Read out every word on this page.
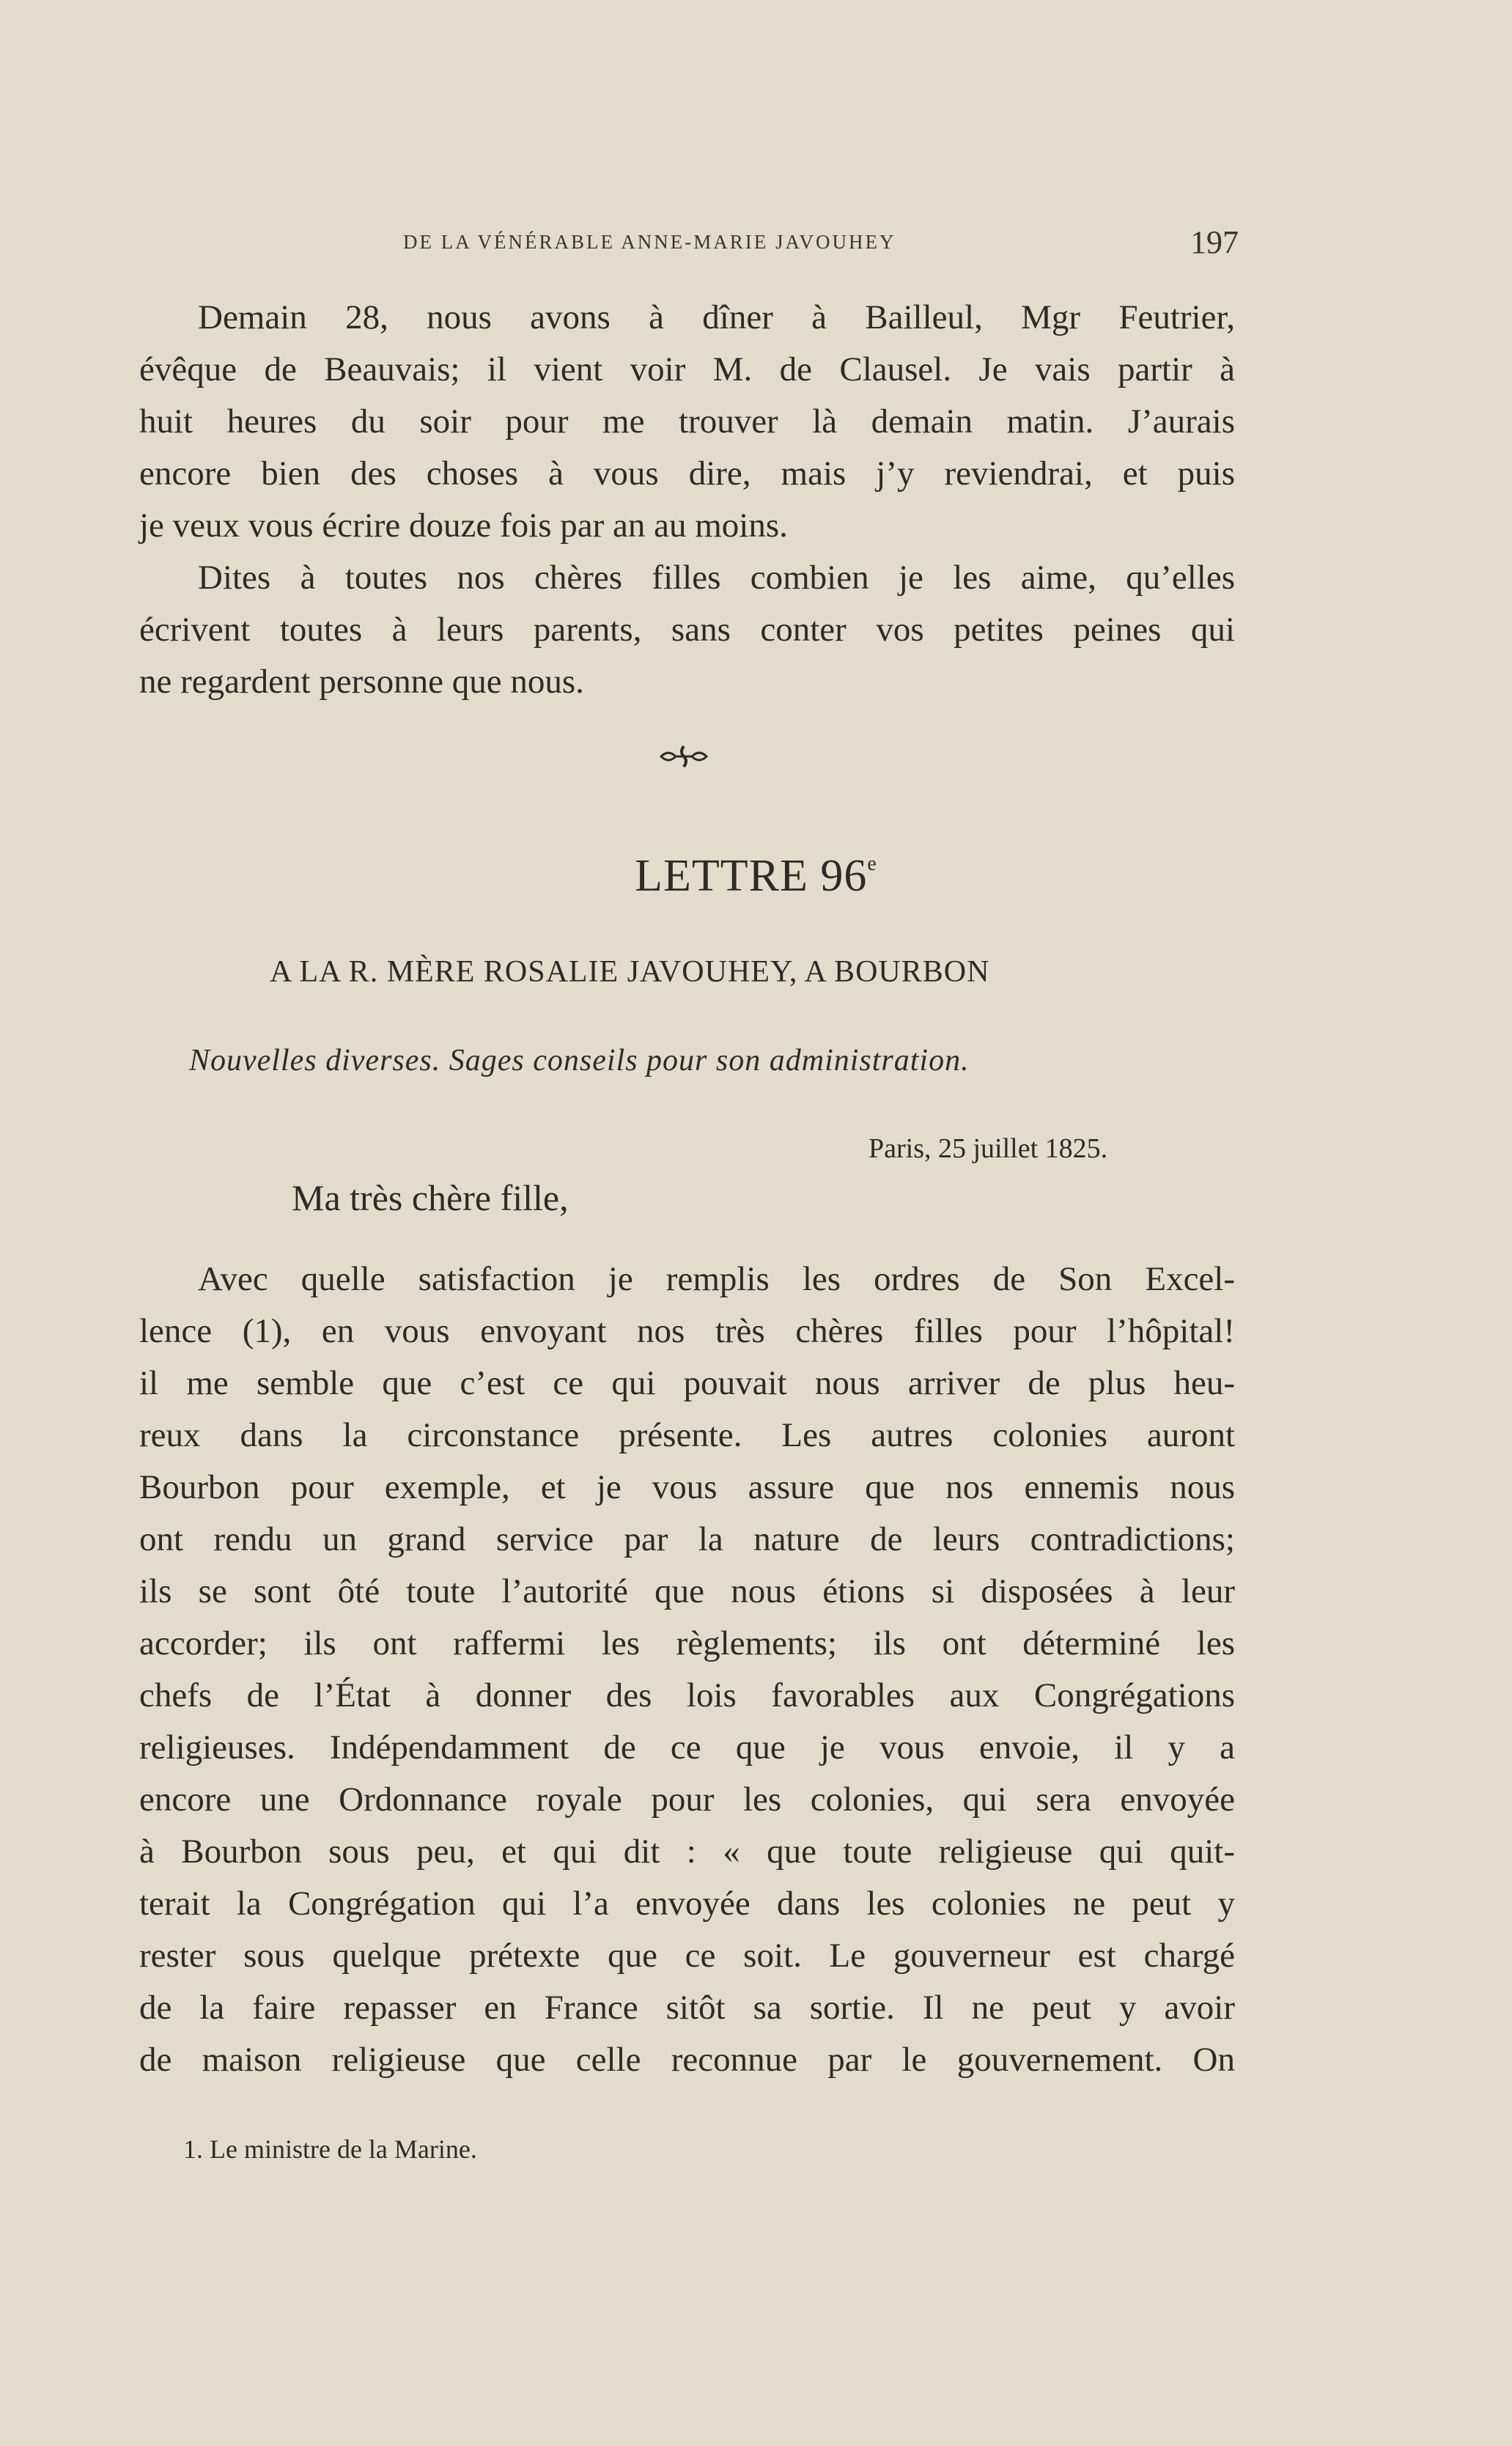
DE LA VÉNÉRABLE ANNE-MARIE JAVOUHEY	197
Demain 28, nous avons à dîner à Bailleul, Mgr Feutrier,
évêque de Beauvais; il vient voir M. de Clausel. Je vais partir à
huit heures du soir pour me trouver là demain matin. J’aurais
encore bien des choses à vous dire, mais j’y reviendrai, et puis
je veux vous écrire douze fois par an au moins.
Dites à toutes nos chères filles combien je les aime, qu’elles
écrivent toutes à leurs parents, sans conter vos petites peines qui
ne regardent personne que nous.
LETTRE 96e
A LA R. MÈRE ROSALIE JAVOUHEY, A BOURBON
Nouvelles diverses. Sages conseils pour son administration.
Paris, 25 juillet 1825.
Ma très chère fille,
Avec quelle satisfaction je remplis les ordres de Son Excel-
lence (1), en vous envoyant nos très chères filles pour l’hôpital!
il me semble que c’est ce qui pouvait nous arriver de plus heu-
reux dans la circonstance présente. Les autres colonies auront
Bourbon pour exemple, et je vous assure que nos ennemis nous
ont rendu un grand service par la nature de leurs contradictions;
ils se sont ôté toute l’autorité que nous étions si disposées à leur
accorder; ils ont raffermi les règlements; ils ont déterminé les
chefs de l’État à donner des lois favorables aux Congrégations
religieuses. Indépendamment de ce que je vous envoie, il y a
encore une Ordonnance royale pour les colonies, qui sera envoyée
à Bourbon sous peu, et qui dit : « que toute religieuse qui quit-
terait la Congrégation qui l’a envoyée dans les colonies ne peut y
rester sous quelque prétexte que ce soit. Le gouverneur est chargé
de la faire repasser en France sitôt sa sortie. Il ne peut y avoir
de maison religieuse que celle reconnue par le gouvernement. On
1. Le ministre de la Marine.
